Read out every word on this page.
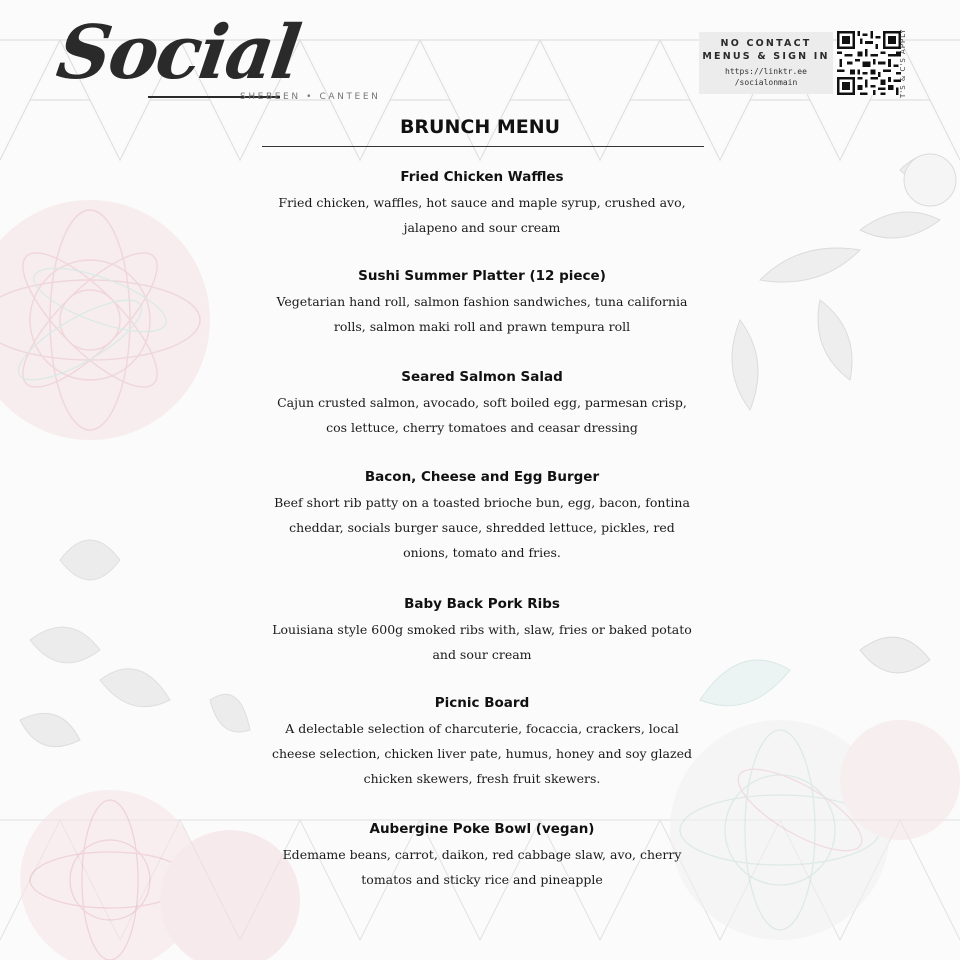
Social
SHEBEEN • CANTEEN
NO CONTACT
MENUS & SIGN IN
https://linktr.ee
/socialonmain	T'S & C'S APPLY
BRUNCH MENU
Fried Chicken Waffles
Fried chicken, waffles, hot sauce and maple syrup, crushed avo,
jalapeno and sour cream
Sushi Summer Platter (12 piece)
Vegetarian hand roll, salmon fashion sandwiches, tuna california
rolls, salmon maki roll and prawn tempura roll
Seared Salmon Salad
Cajun crusted salmon, avocado, soft boiled egg, parmesan crisp,
cos lettuce, cherry tomatoes and ceasar dressing
Bacon, Cheese and Egg Burger
Beef short rib patty on a toasted brioche bun, egg, bacon, fontina
cheddar, socials burger sauce, shredded lettuce, pickles, red
onions, tomato and fries.
Baby Back Pork Ribs
Louisiana style 600g smoked ribs with, slaw, fries or baked potato
and sour cream
Picnic Board
A delectable selection of charcuterie, focaccia, crackers, local
cheese selection, chicken liver pate, humus, honey and soy glazed
chicken skewers, fresh fruit skewers.
Aubergine Poke Bowl (vegan)
Edemame beans, carrot, daikon, red cabbage slaw, avo, cherry
tomatos and sticky rice and pineapple
